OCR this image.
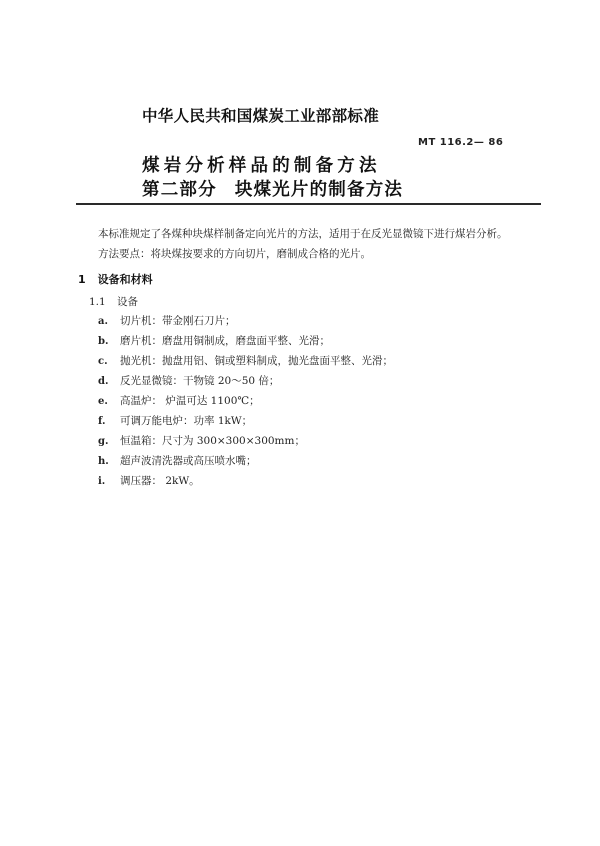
中华人民共和国煤炭工业部部标准
MT 116.2— 86
煤岩分析样品的制备方法
第二部分 块煤光片的制备方法
本标准规定了各煤种块煤样制备定向光片的方法，适用于在反光显微镜下进行煤岩分析。
方法要点：将块煤按要求的方向切片，磨制成合格的光片。
1 设备和材料
1.1 设备
a. 切片机：带金刚石刀片；
b. 磨片机：磨盘用铜制成，磨盘面平整、光滑；
c. 抛光机：抛盘用铝、铜或塑料制成，抛光盘面平整、光滑；
d. 反光显微镜：干物镜 20～50 倍；
e. 高温炉： 炉温可达 1100℃；
f. 可调万能电炉：功率 1kW；
g. 恒温箱：尺寸为 300×300×300mm；
h. 超声波清洗器或高压喷水嘴；
i. 调压器： 2kW。
